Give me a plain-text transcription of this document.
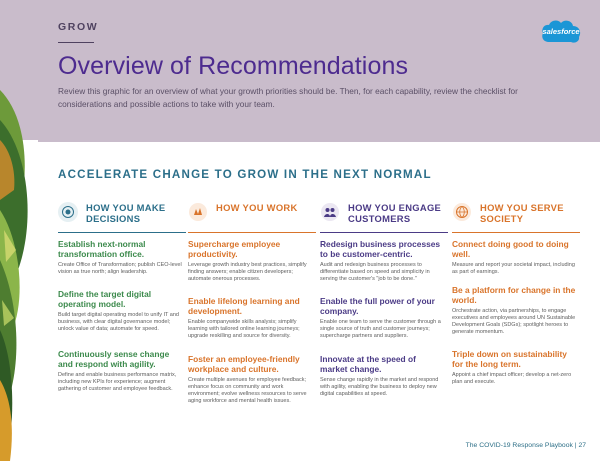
GROW	salesforce
Overview of Recommendations

Review this graphic for an overview of what your growth priorities should be. Then, for each capability, review the checklist for considerations and possible actions to take with your team.

ACCELERATE CHANGE TO GROW IN THE NEXT NORMAL
HOW YOU MAKE DECISIONS
HOW YOU WORK	HOW YOU ENGAGE CUSTOMERS
HOW YOU SERVE SOCIETY
Establish next-normal transformation office.
Create Office of Transformation; publish CEO-level vision as true north; align leadership.
Define the target digital operating model.
Build target digital operating model to unify IT and business, with clear digital governance model; unlock value of data; automate for speed.
Continuously sense change and respond with agility.
Define and enable business performance matrix, including new KPIs for experience; augment gathering of customer and employee feedback.
Supercharge employee productivity.
Leverage growth industry best practices, simplify finding answers; enable citizen developers; automate onerous processes.
Enable lifelong learning and development.
Enable companywide skills analysis; simplify learning with tailored online learning journeys; upgrade reskilling and source for diversity.
Foster an employee-friendly workplace and culture.
Create multiple avenues for employee feedback; enhance focus on community and work environment; evolve wellness resources to serve aging workforce and mental health issues.
Redesign business processes to be customer-centric.
Audit and redesign business processes to differentiate based on speed and simplicity in serving the customer's "job to be done."
Enable the full power of your company.
Enable one team to serve the customer through a single source of truth and customer journeys; supercharge partners and suppliers.
Innovate at the speed of market change.
Sense change rapidly in the market and respond with agility, enabling the business to deploy new digital capabilities at speed.
Connect doing good to doing well.
Measure and report your societal impact, including as part of earnings.
Be a platform for change in the world.
Orchestrate action, via partnerships, to engage executives and employees around UN Sustainable Development Goals (SDGs); spotlight heroes to generate momentum.
Triple down on sustainability for the long term.
Appoint a chief impact officer; develop a net-zero plan and execute.
The COVID-19 Response Playbook | 27
